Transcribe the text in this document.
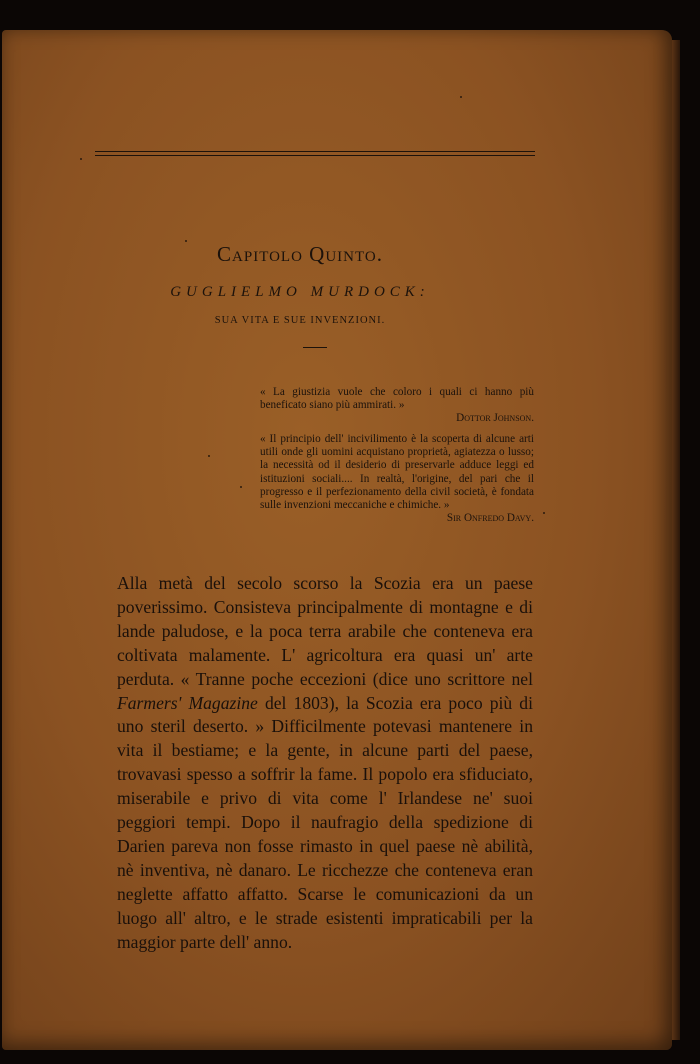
Capitolo Quinto.
GUGLIELMO MURDOCK:
SUA VITA E SUE INVENZIONI.
« La giustizia vuole che coloro i quali ci hanno più beneficato siano più ammirati. »
Dottor Johnson.
« Il principio dell' incivilimento è la scoperta di alcune arti utili onde gli uomini acquistano proprietà, agiatezza o lusso; la necessità od il desiderio di preservarle adduce leggi ed istituzioni sociali.... In realtà, l'origine, del pari che il progresso e il perfezionamento della civil società, è fondata sulle invenzioni meccaniche e chimiche. »
Sir Onfredo Davy.
Alla metà del secolo scorso la Scozia era un paese poverissimo. Consisteva principalmente di montagne e di lande paludose, e la poca terra arabile che conteneva era coltivata malamente. L' agricoltura era quasi un' arte perduta. « Tranne poche eccezioni (dice uno scrittore nel Farmers' Magazine del 1803), la Scozia era poco più di uno steril deserto. » Difficilmente potevasi mantenere in vita il bestiame; e la gente, in alcune parti del paese, trovavasi spesso a soffrir la fame. Il popolo era sfiduciato, miserabile e privo di vita come l' Irlandese ne' suoi peggiori tempi. Dopo il naufragio della spedizione di Darien pareva non fosse rimasto in quel paese nè abilità, nè inventiva, nè danaro. Le ricchezze che conteneva eran neglette affatto affatto. Scarse le comunicazioni da un luogo all' altro, e le strade esistenti impraticabili per la maggior parte dell' anno.
